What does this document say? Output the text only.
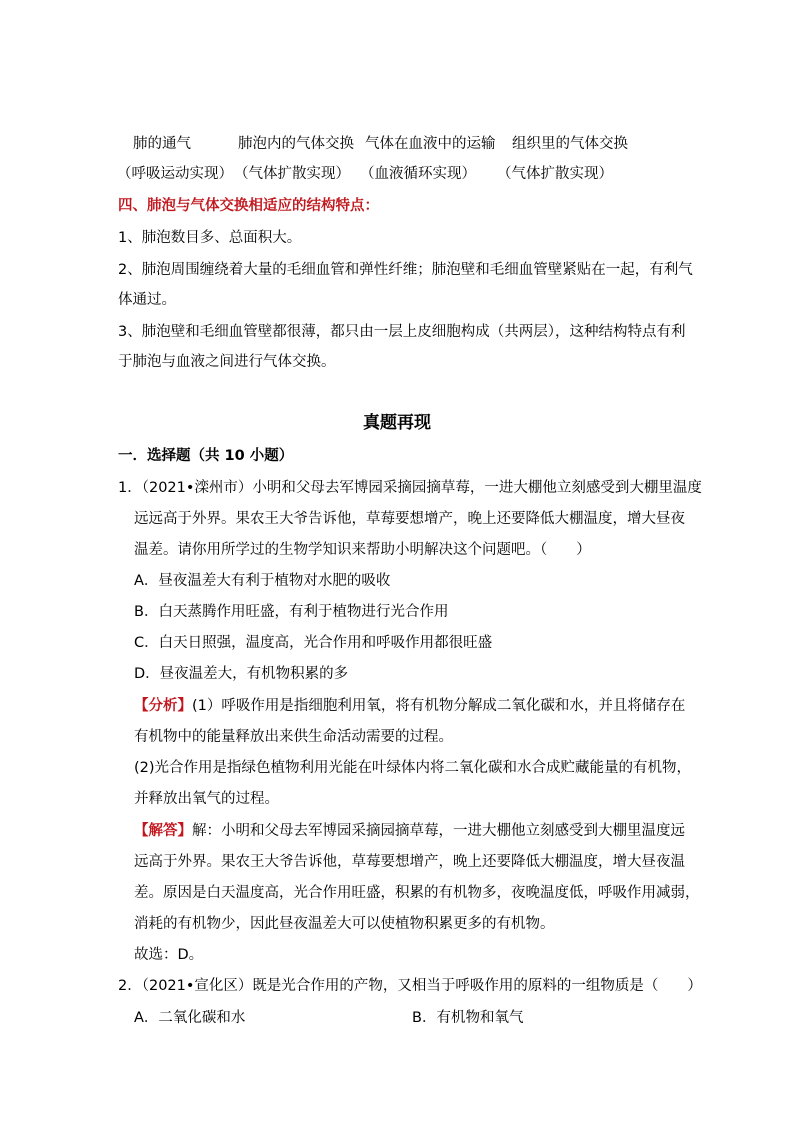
肺的通气	肺泡内的气体交换 气体在血液中的运输 组织里的气体交换
（呼吸运动实现） （气体扩散实现） （血液循环实现） （气体扩散实现）
四、肺泡与气体交换相适应的结构特点：
1、肺泡数目多、总面积大。
2、肺泡周围缠绕着大量的毛细血管和弹性纤维；肺泡壁和毛细血管壁紧贴在一起，有利气
体通过。
3、肺泡壁和毛细血管壁都很薄，都只由一层上皮细胞构成（共两层），这种结构特点有利
于肺泡与血液之间进行气体交换。
真题再现
一．选择题（共 10 小题）
1．（2021•滦州市）小明和父母去军博园采摘园摘草莓，一进大棚他立刻感受到大棚里温度
远远高于外界。果农王大爷告诉他，草莓要想增产，晚上还要降低大棚温度，增大昼夜
温差。请你用所学过的生物学知识来帮助小明解决这个问题吧。（　　）
A．昼夜温差大有利于植物对水肥的吸收
B．白天蒸腾作用旺盛，有利于植物进行光合作用
C．白天日照强，温度高，光合作用和呼吸作用都很旺盛
D．昼夜温差大，有机物积累的多
【分析】(1）呼吸作用是指细胞利用氧，将有机物分解成二氧化碳和水，并且将储存在
有机物中的能量释放出来供生命活动需要的过程。
(2)光合作用是指绿色植物利用光能在叶绿体内将二氧化碳和水合成贮藏能量的有机物，
并释放出氧气的过程。
【解答】解：小明和父母去军博园采摘园摘草莓，一进大棚他立刻感受到大棚里温度远
远高于外界。果农王大爷告诉他，草莓要想增产，晚上还要降低大棚温度，增大昼夜温
差。原因是白天温度高，光合作用旺盛，积累的有机物多，夜晚温度低，呼吸作用减弱，
消耗的有机物少，因此昼夜温差大可以使植物积累更多的有机物。
故选：D。
2．（2021•宣化区）既是光合作用的产物，又相当于呼吸作用的原料的一组物质是（　　）
A．二氧化碳和水	B．有机物和氧气
